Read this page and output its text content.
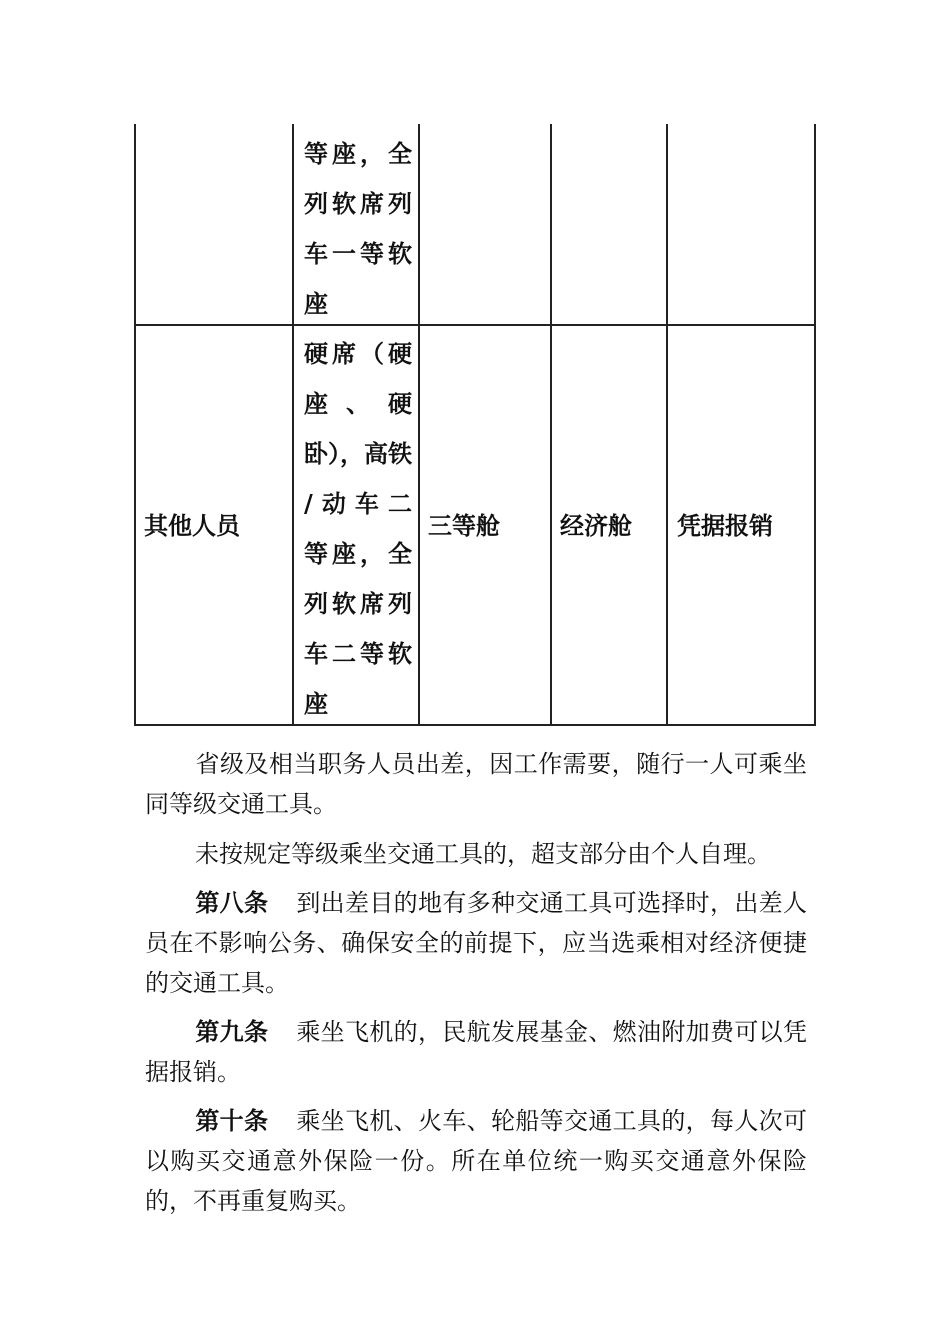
等座，全
列软席列
车一等软
座
其他人员
硬席（硬
座 、 硬
卧），高铁
/动车二
等座，全
列软席列
车二等软
座
三等舱	经济舱 凭据报销
省级及相当职务人员出差，因工作需要，随行一人可乘坐同等级交通工具。
未按规定等级乘坐交通工具的，超支部分由个人自理。
第八条 到出差目的地有多种交通工具可选择时，出差人员在不影响公务、确保安全的前提下，应当选乘相对经济便捷的交通工具。
第九条 乘坐飞机的，民航发展基金、燃油附加费可以凭据报销。
第十条 乘坐飞机、火车、轮船等交通工具的，每人次可以购买交通意外保险一份。所在单位统一购买交通意外保险的，不再重复购买。
